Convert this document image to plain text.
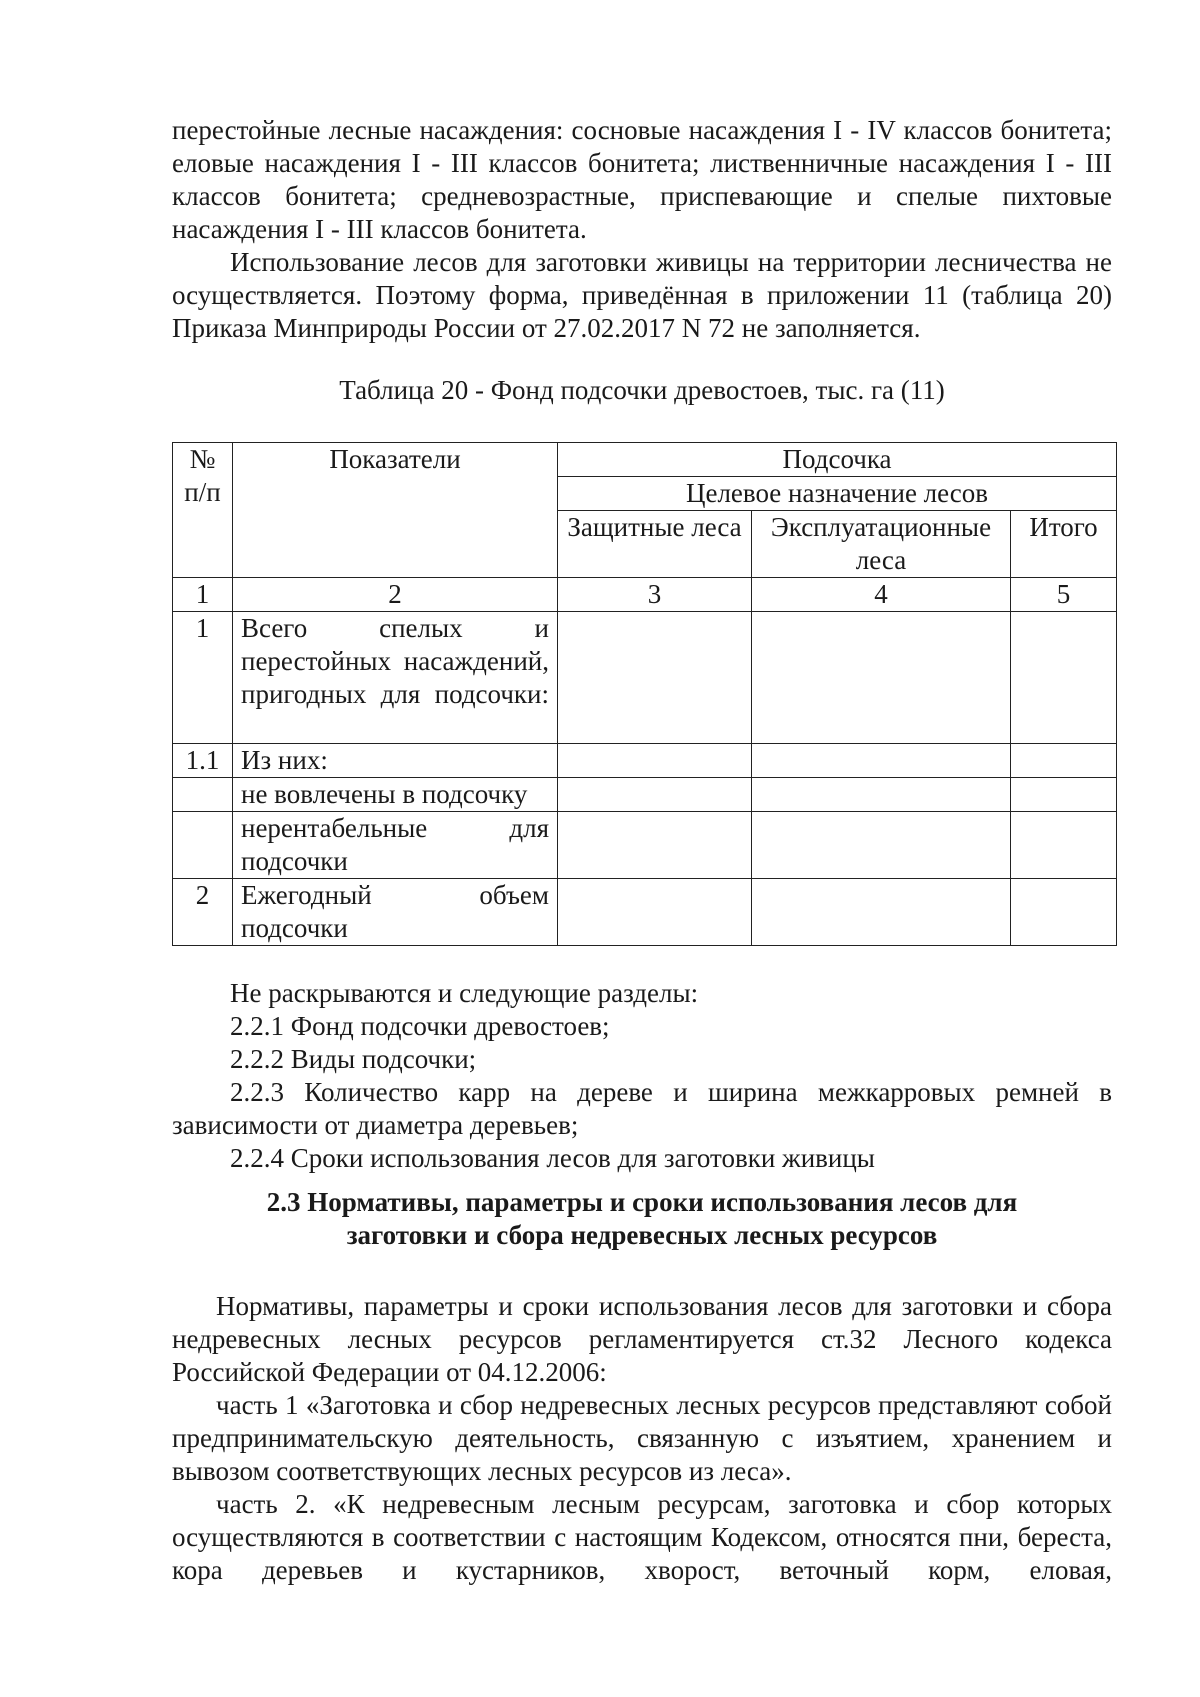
перестойные лесные насаждения: сосновые насаждения I - IV классов бонитета; еловые насаждения I - III классов бонитета; лиственничные насаждения I - III классов бонитета; средневозрастные, приспевающие и спелые пихтовые насаждения I - III классов бонитета.

Использование лесов для заготовки живицы на территории лесничества не осуществляется. Поэтому форма, приведённая в приложении 11 (таблица 20) Приказа Минприроды России от 27.02.2017 N 72 не заполняется.

Таблица 20 - Фонд подсочки древостоев, тыс. га (11)

№ п/п	Показатели	Подсочка		
		Целевое назначение лесов		
		Защитные леса	Эксплуатационные леса	Итого

1	2	3	4	5
1	Всего спелых и перестойных насаждений, пригодных для подсочки:			
1.1	Из них:			
	не вовлечены в подсочку			
	нерентабельные для подсочки			
2	Ежегодный объем подсочки			

Не раскрываются и следующие разделы:

2.2.1 Фонд подсочки древостоев;

2.2.2 Виды подсочки;

2.2.3 Количество карр на дереве и ширина межкарровых ремней в зависимости от диаметра деревьев;

2.2.4 Сроки использования лесов для заготовки живицы

2.3 Нормативы, параметры и сроки использования лесов для
заготовки и сбора недревесных лесных ресурсов

Нормативы, параметры и сроки использования лесов для заготовки и сбора недревесных лесных ресурсов регламентируется ст.32 Лесного кодекса Российской Федерации от 04.12.2006:

часть 1 «Заготовка и сбор недревесных лесных ресурсов представляют собой предпринимательскую деятельность, связанную с изъятием, хранением и вывозом соответствующих лесных ресурсов из леса».

часть 2. «К недревесным лесным ресурсам, заготовка и сбор которых осуществляются в соответствии с настоящим Кодексом, относятся пни, береста, кора деревьев и кустарников, хворост, веточный корм, еловая,
